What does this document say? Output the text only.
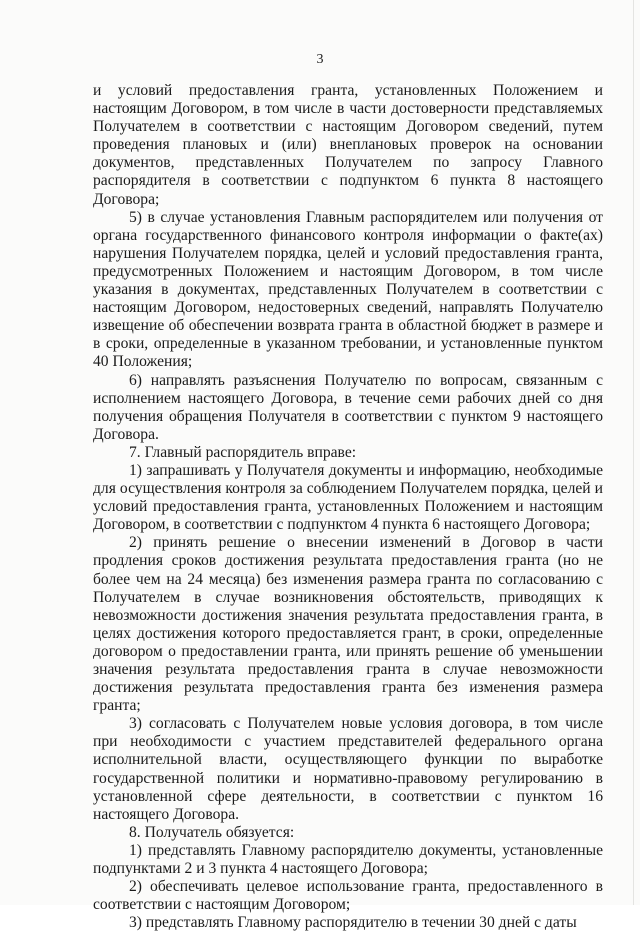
3

и условий предоставления гранта, установленных Положением и настоящим Договором, в том числе в части достоверности представляемых Получателем в соответствии с настоящим Договором сведений, путем проведения плановых и (или) внеплановых проверок на основании документов, представленных Получателем по запросу Главного распорядителя в соответствии с подпунктом 6 пункта 8 настоящего Договора;

5) в случае установления Главным распорядителем или получения от органа государственного финансового контроля информации о факте(ах) нарушения Получателем порядка, целей и условий предоставления гранта, предусмотренных Положением и настоящим Договором, в том числе указания в документах, представленных Получателем в соответствии с настоящим Договором, недостоверных сведений, направлять Получателю извещение об обеспечении возврата гранта в областной бюджет в размере и в сроки, определенные в указанном требовании, и установленные пунктом 40 Положения;

6) направлять разъяснения Получателю по вопросам, связанным с исполнением настоящего Договора, в течение семи рабочих дней со дня получения обращения Получателя в соответствии с пунктом 9 настоящего Договора.

7. Главный распорядитель вправе:

1) запрашивать у Получателя документы и информацию, необходимые для осуществления контроля за соблюдением Получателем порядка, целей и условий предоставления гранта, установленных Положением и настоящим Договором, в соответствии с подпунктом 4 пункта 6 настоящего Договора;

2) принять решение о внесении изменений в Договор в части продления сроков достижения результата предоставления гранта (но не более чем на 24 месяца) без изменения размера гранта по согласованию с Получателем в случае возникновения обстоятельств, приводящих к невозможности достижения значения результата предоставления гранта, в целях достижения которого предоставляется грант, в сроки, определенные договором о предоставлении гранта, или принять решение об уменьшении значения результата предоставления гранта в случае невозможности достижения результата предоставления гранта без изменения размера гранта;

3) согласовать с Получателем новые условия договора, в том числе при необходимости с участием представителей федерального органа исполнительной власти, осуществляющего функции по выработке государственной политики и нормативно-правовому регулированию в установленной сфере деятельности, в соответствии с пунктом 16 настоящего Договора.

8. Получатель обязуется:

1) представлять Главному распорядителю документы, установленные подпунктами 2 и 3 пункта 4 настоящего Договора;

2) обеспечивать целевое использование гранта, предоставленного в соответствии с настоящим Договором;

3) представлять Главному распорядителю в течении 30 дней с даты
